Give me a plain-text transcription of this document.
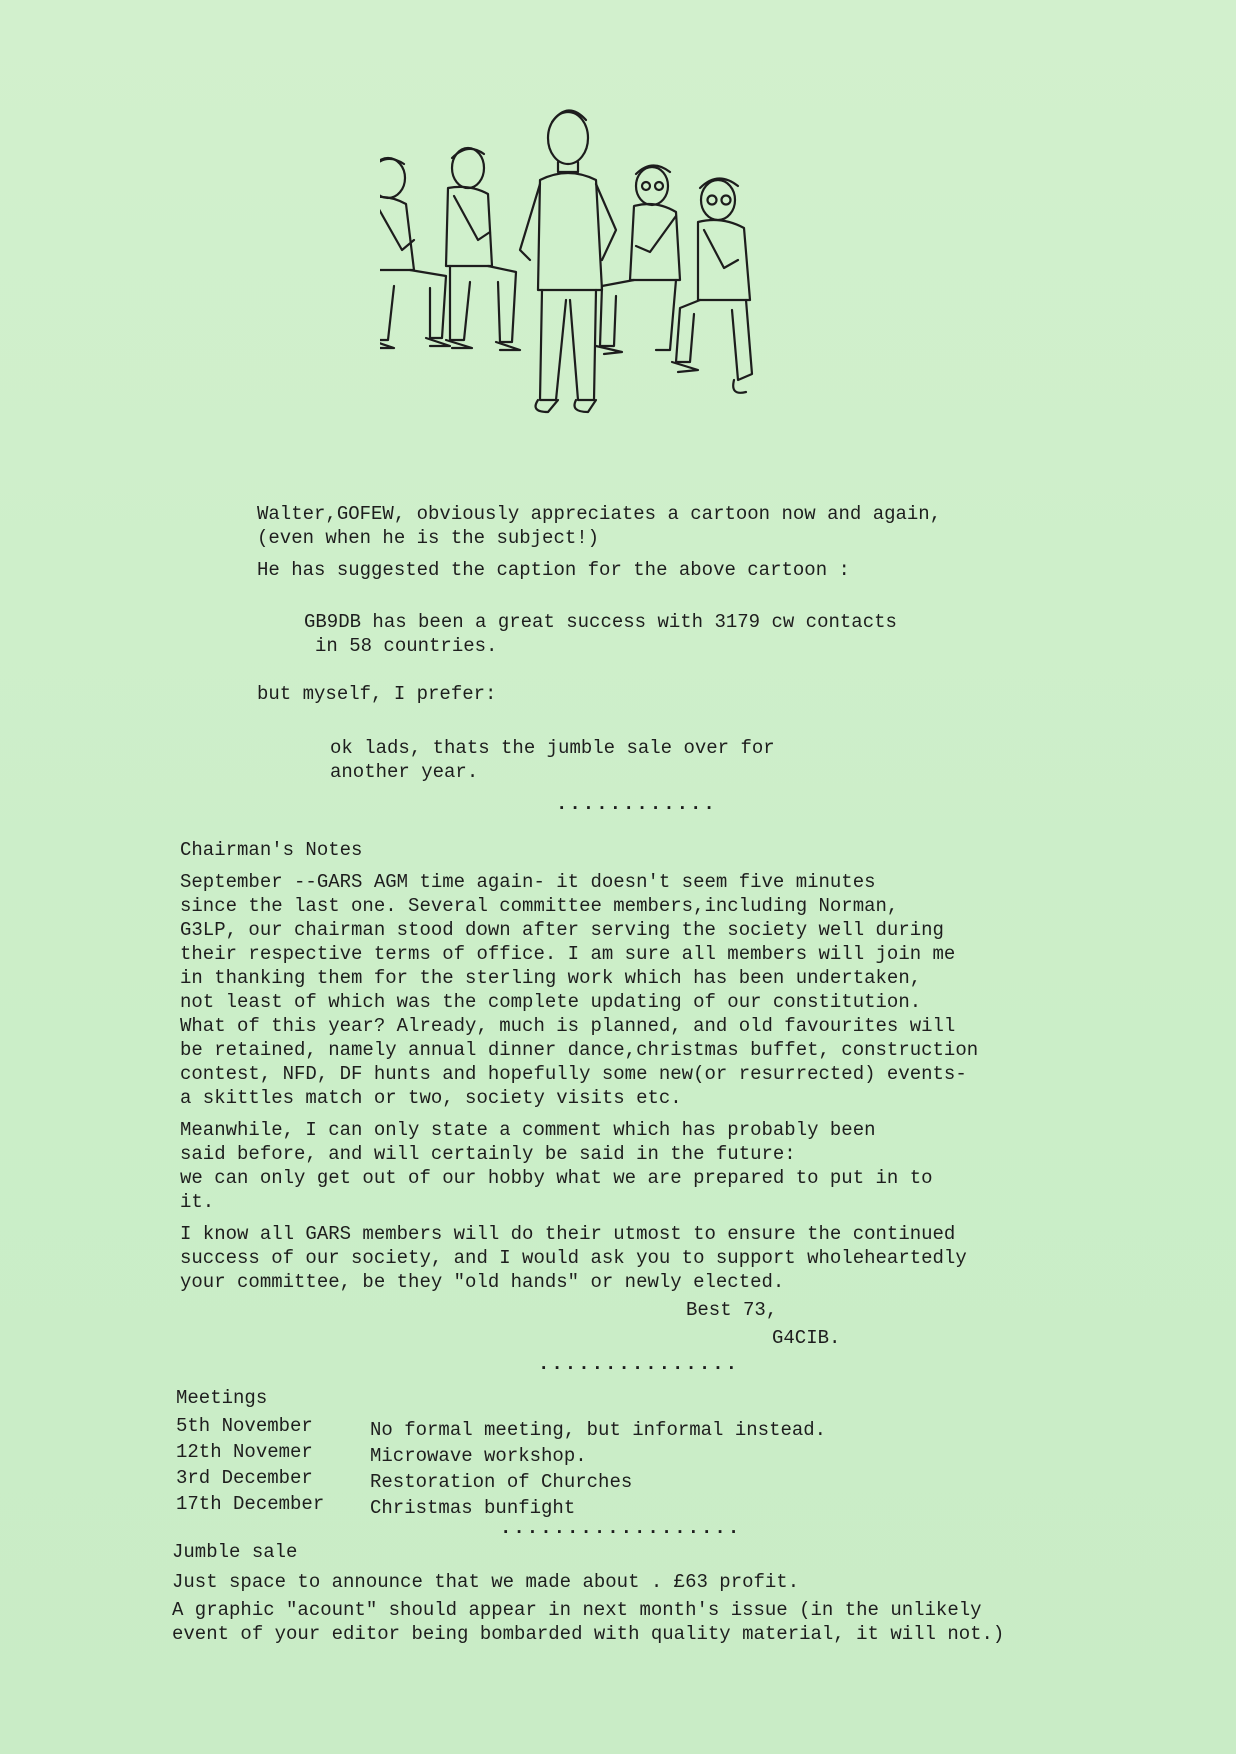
Walter,GOFEW, obviously appreciates a cartoon now and again,
(even when he is the subject!)
He has suggested the caption for the above cartoon :
GB9DB has been a great success with 3179 cw contacts
in 58 countries.
but myself, I prefer:
ok lads, thats the jumble sale over for
another year.
............
Chairman's Notes
September --GARS AGM time again- it doesn't seem five minutes
since the last one. Several committee members,including Norman,
G3LP, our chairman stood down after serving the society well during
their respective terms of office. I am sure all members will join me
in thanking them for the sterling work which has been undertaken,
not least of which was the complete updating of our constitution.
What of this year? Already, much is planned, and old favourites will
be retained, namely annual dinner dance,christmas buffet, construction
contest, NFD, DF hunts and hopefully some new(or resurrected) events-
a skittles match or two, society visits etc.
Meanwhile, I can only state a comment which has probably been
said before, and will certainly be said in the future:
we can only get out of our hobby what we are prepared to put in to
it.
I know all GARS members will do their utmost to ensure the continued
success of our society, and I would ask you to support wholeheartedly
your committee, be they "old hands" or newly elected.
Best 73,
G4CIB.
...............
Meetings
5th November	No formal meeting, but informal instead.
12th Novemer	Microwave workshop.
3rd December	Restoration of Churches
17th December Christmas bunfight
..................
Jumble sale
Just space to announce that we made about . £63 profit.
A graphic "acount" should appear in next month's issue (in the unlikely
event of your editor being bombarded with quality material, it will not.)
